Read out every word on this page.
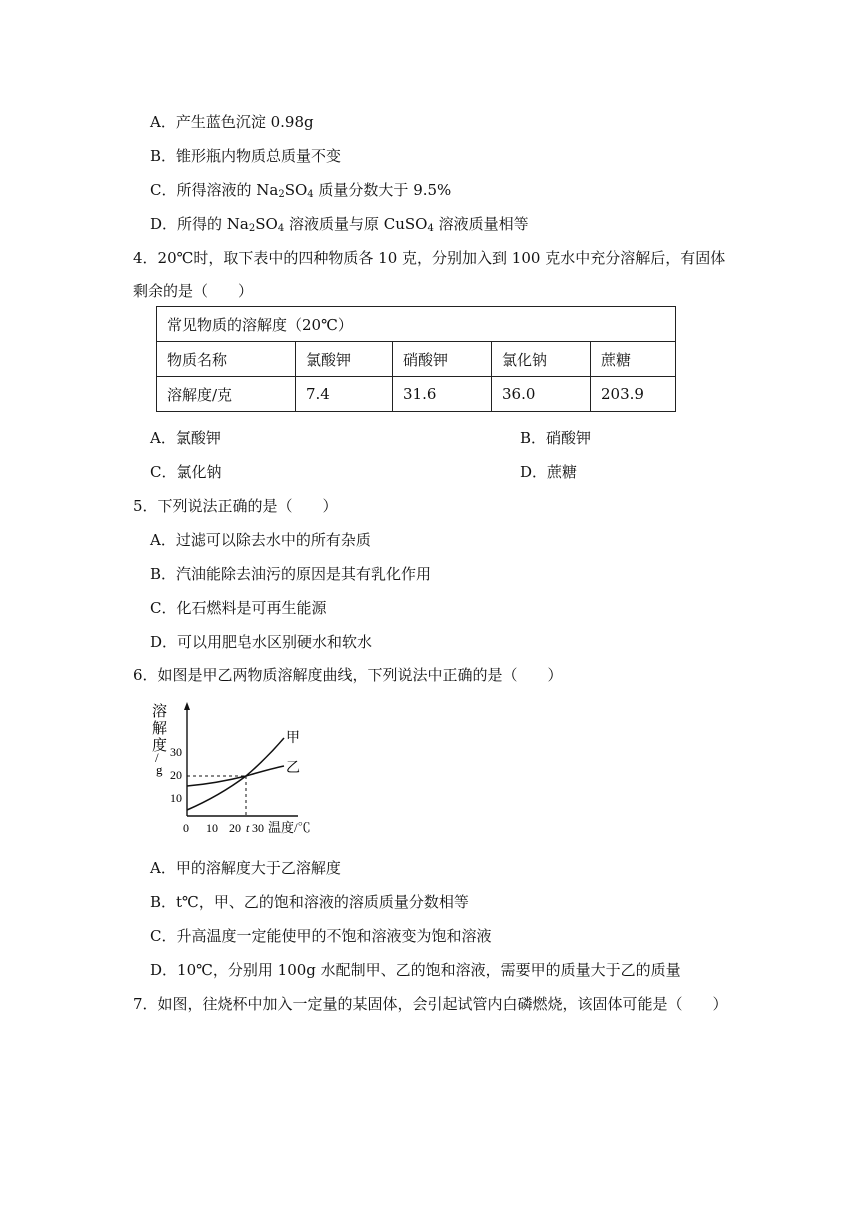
A．产生蓝色沉淀 0.98g
B．锥形瓶内物质总质量不变
C．所得溶液的 $Na_2SO_4$ 质量分数大于 9.5%
D．所得的 $Na_2SO_4$ 溶液质量与原 CuSO$_4$ 溶液质量相等
4．20℃时，取下表中的四种物质各 10 克，分别加入到 100 克水中充分溶解后，有固体
剩余的是（　　）
常见物质的溶解度（20℃）				
物质名称	氯酸钾	硝酸钾	氯化钠	蔗糖
溶解度/克	7.4	31.6	36.0	203.9
A．氯酸钾	B．硝酸钾
C．氯化钠	D．蔗糖
5．下列说法正确的是（　　）
A．过滤可以除去水中的所有杂质
B．汽油能除去油污的原因是其有乳化作用
C．化石燃料是可再生能源
D．可以用肥皂水区别硬水和软水
6．如图是甲乙两物质溶解度曲线，下列说法中正确的是（　　）
溶
解
度
/
g
30
20
10
0 10 20 t 30 温度/℃
甲
乙
A．甲的溶解度大于乙溶解度
B．t℃，甲、乙的饱和溶液的溶质质量分数相等
C．升高温度一定能使甲的不饱和溶液变为饱和溶液
D．10℃，分别用 100g 水配制甲、乙的饱和溶液，需要甲的质量大于乙的质量
7．如图，往烧杯中加入一定量的某固体，会引起试管内白磷燃烧，该固体可能是（　　）
